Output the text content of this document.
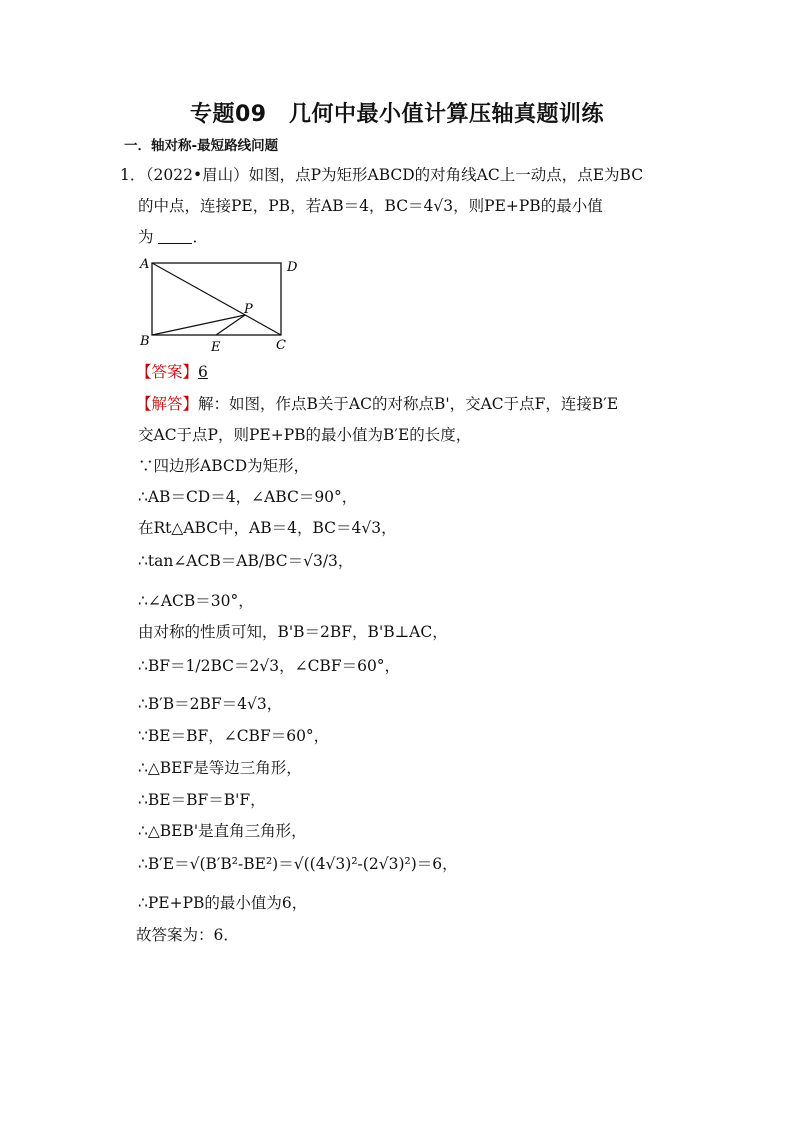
专题09　几何中最小值计算压轴真题训练
一．轴对称-最短路线问题
1．
（2022•眉山）如图，点P为矩形ABCD的对角线AC上一动点，点E为BC
的中点，连接PE，PB，若AB＝4，BC＝4√3，则PE+PB的最小值
为	．
A	D
P
B	E	C
【答案】6
【解答】解：如图，作点B关于AC的对称点B'，交AC于点F，连接B′E
交AC于点P，则PE+PB的最小值为B′E的长度，
∵四边形ABCD为矩形，
∴AB＝CD＝4，∠ABC＝90°，
在Rt△ABC中，AB＝4，BC＝4√3，
∴tan∠ACB＝AB/BC＝√3/3，
∴∠ACB＝30°，
由对称的性质可知，B'B＝2BF，B'B⊥AC，
∴BF＝1/2BC＝2√3，∠CBF＝60°，
∴B′B＝2BF＝4√3，
∵BE＝BF，∠CBF＝60°，
∴△BEF是等边三角形，
∴BE＝BF＝B'F，
∴△BEB'是直角三角形，
∴B′E＝√(B′B²-BE²)＝√((4√3)²-(2√3)²)＝6，
∴PE+PB的最小值为6，
故答案为：6．
